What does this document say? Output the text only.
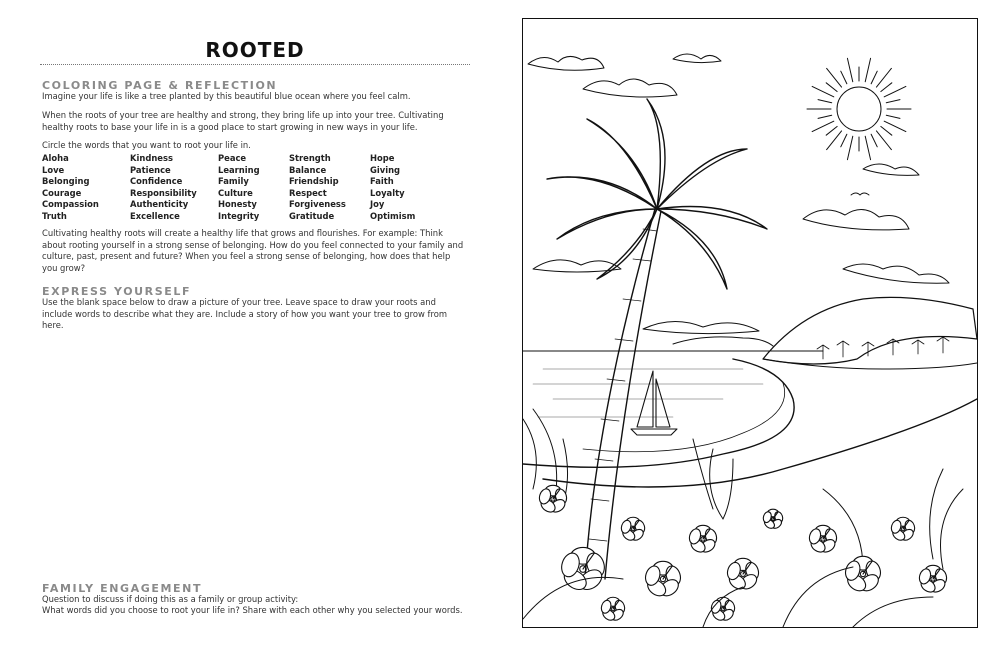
ROOTED
COLORING PAGE & REFLECTION

Imagine your life is like a tree planted by this beautiful blue ocean where you feel calm.

When the roots of your tree are healthy and strong, they bring life up into your tree. Cultivating healthy roots to base your life in is a good place to start growing in new ways in your life.

Circle the words that you want to root your life in.

Aloha	Kindness	Peace	Strength	Hope
Love	Patience	Learning	Balance	Giving
Belonging	Confidence	Family	Friendship	Faith
Courage	Responsibility	Culture	Respect	Loyalty
Compassion	Authenticity	Honesty	Forgiveness	Joy
Truth	Excellence	Integrity	Gratitude	Optimism

Cultivating healthy roots will create a healthy life that grows and flourishes. For example: Think about rooting yourself in a strong sense of belonging. How do you feel connected to your family and culture, past, present and future? When you feel a strong sense of belonging, how does that help you grow?

EXPRESS YOURSELF

Use the blank space below to draw a picture of your tree. Leave space to draw your roots and include words to describe what they are. Include a story of how you want your tree to grow from here.

FAMILY ENGAGEMENT

Question to discuss if doing this as a family or group activity:

What words did you choose to root your life in? Share with each other why you selected your words.
